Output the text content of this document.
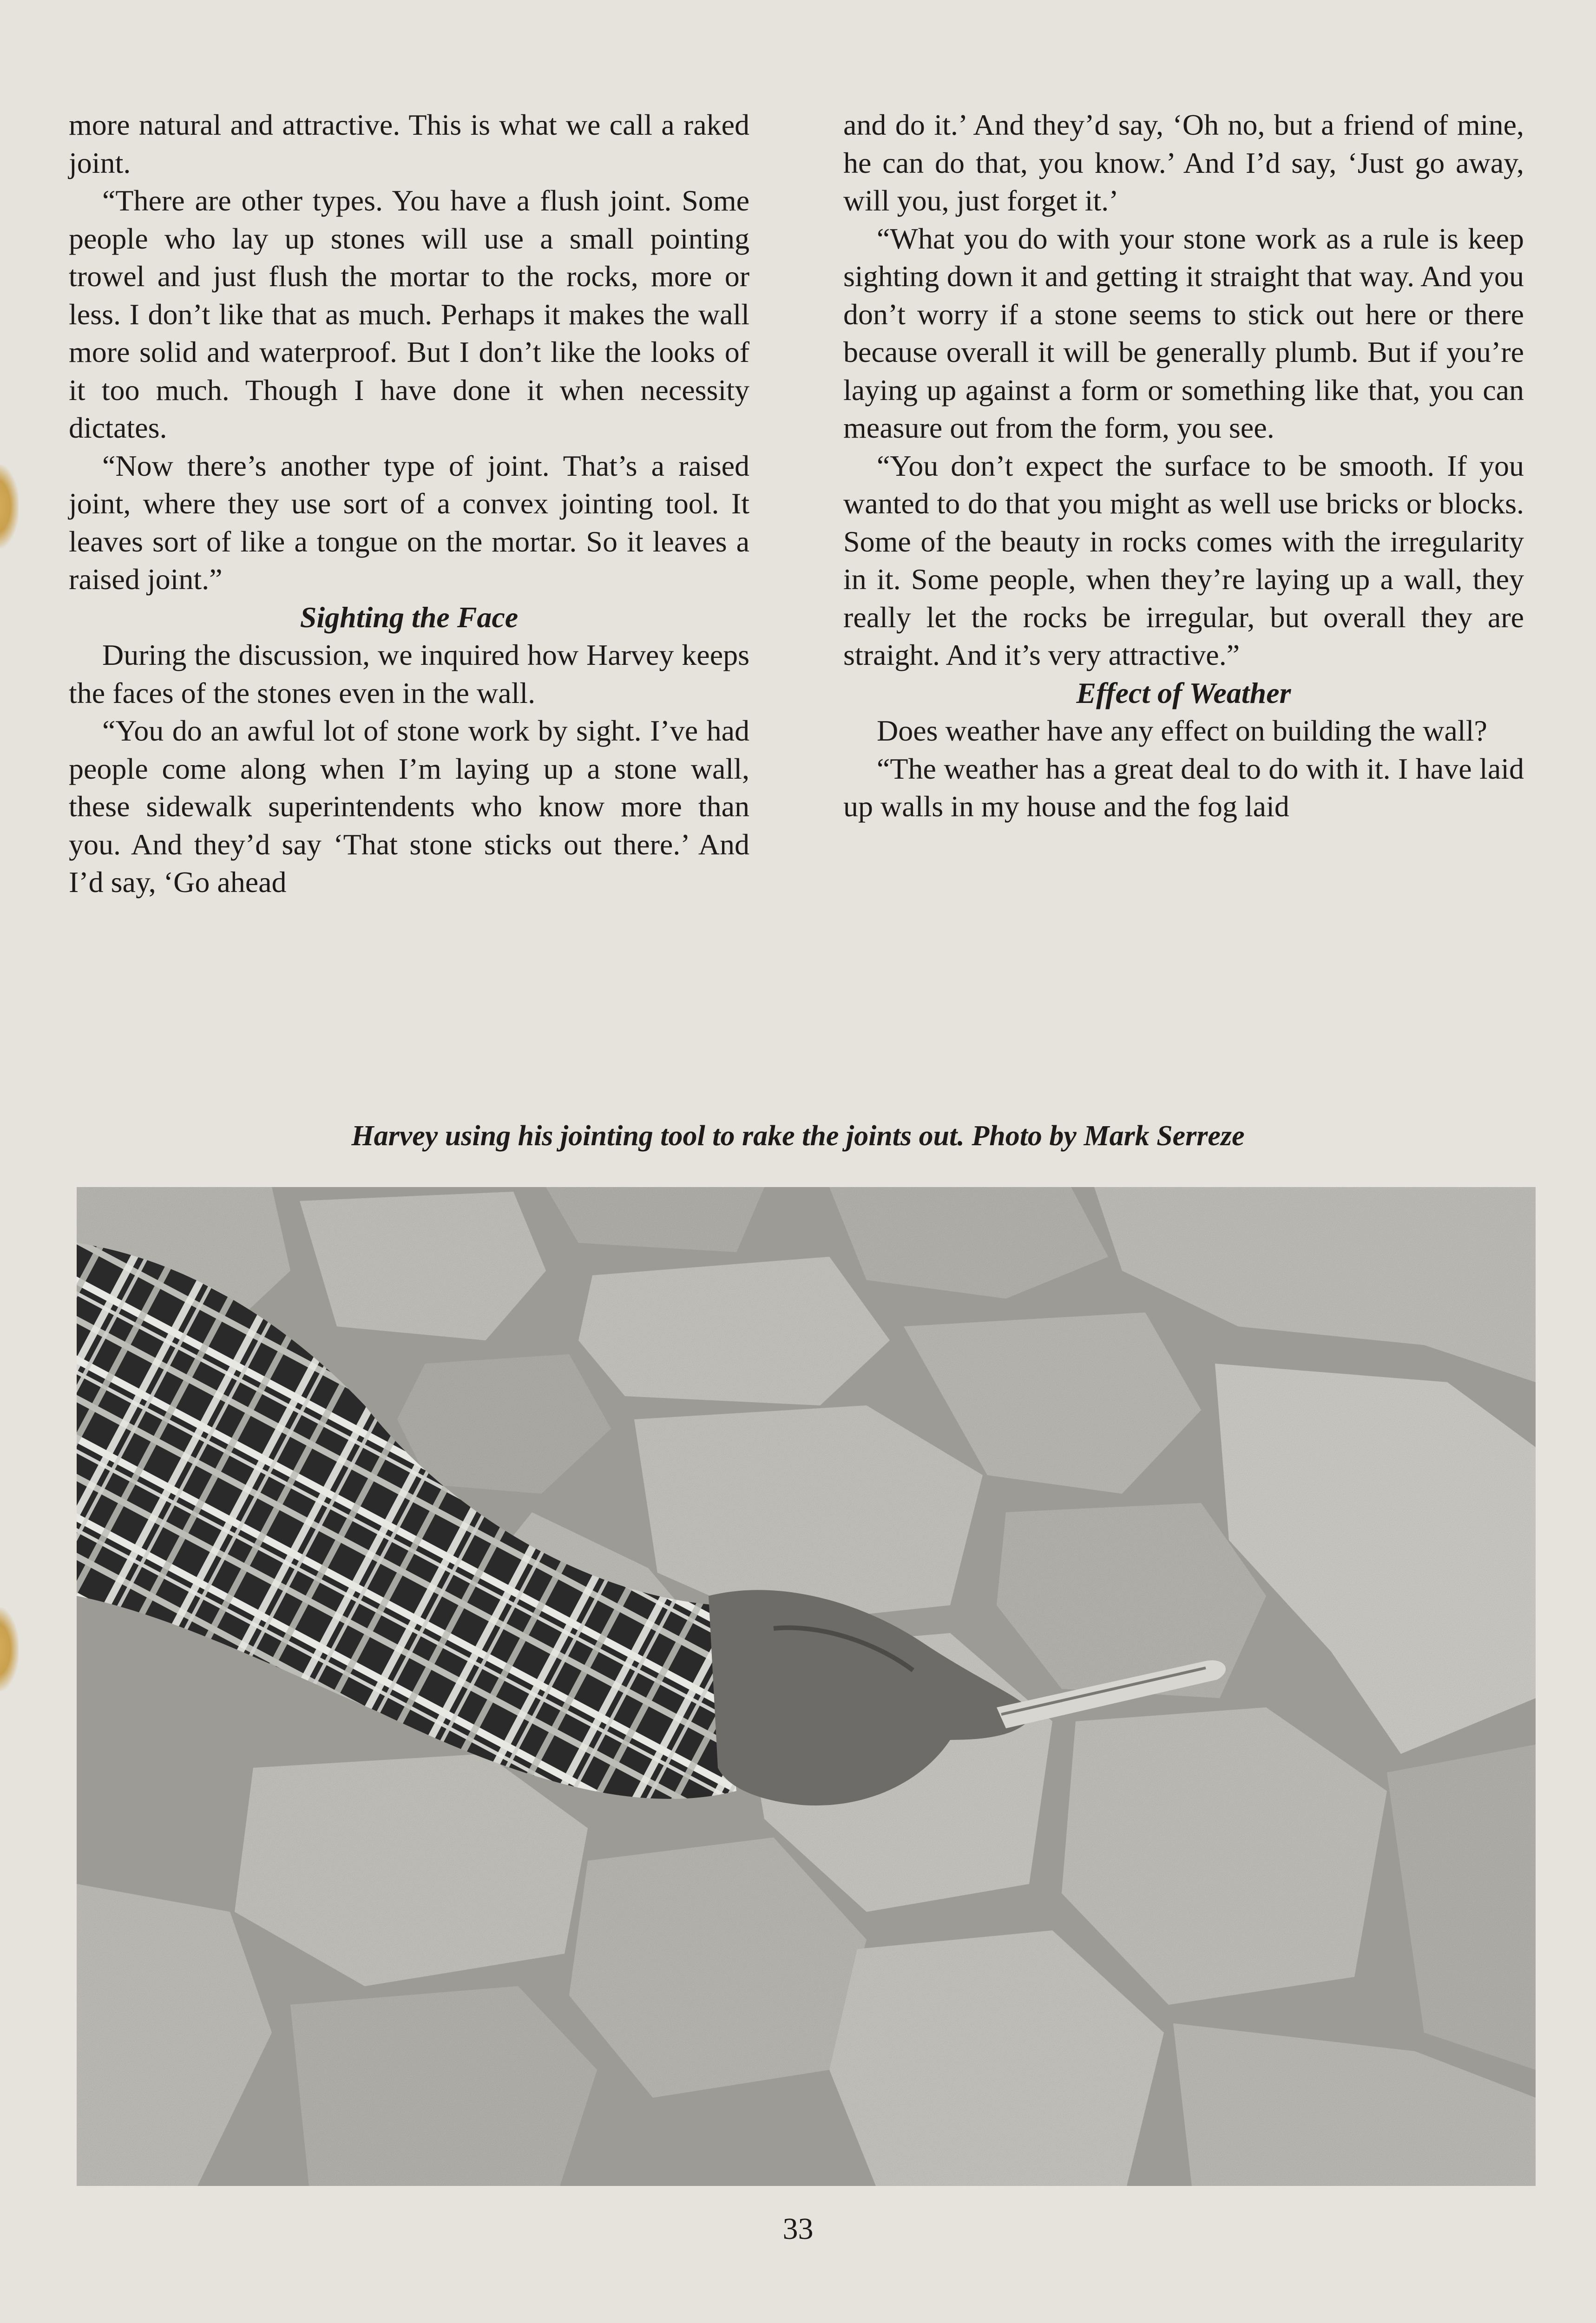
more natural and attractive. This is what we call a raked joint.

“There are other types. You have a flush joint. Some people who lay up stones will use a small pointing trowel and just flush the mortar to the rocks, more or less. I don’t like that as much. Perhaps it makes the wall more solid and waterproof. But I don’t like the looks of it too much. Though I have done it when necessity dictates.

“Now there’s another type of joint. That’s a raised joint, where they use sort of a convex jointing tool. It leaves sort of like a tongue on the mortar. So it leaves a raised joint.”

Sighting the Face

During the discussion, we inquired how Harvey keeps the faces of the stones even in the wall.

“You do an awful lot of stone work by sight. I’ve had people come along when I’m laying up a stone wall, these sidewalk superintendents who know more than you. And they’d say ‘That stone sticks out there.’ And I’d say, ‘Go ahead

and do it.’ And they’d say, ‘Oh no, but a friend of mine, he can do that, you know.’ And I’d say, ‘Just go away, will you, just forget it.’

“What you do with your stone work as a rule is keep sighting down it and getting it straight that way. And you don’t worry if a stone seems to stick out here or there because overall it will be generally plumb. But if you’re laying up against a form or something like that, you can measure out from the form, you see.

“You don’t expect the surface to be smooth. If you wanted to do that you might as well use bricks or blocks. Some of the beauty in rocks comes with the irregularity in it. Some people, when they’re laying up a wall, they really let the rocks be irregular, but overall they are straight. And it’s very attractive.”

Effect of Weather

Does weather have any effect on building the wall?

“The weather has a great deal to do with it. I have laid up walls in my house and the fog laid

Harvey using his jointing tool to rake the joints out. Photo by Mark Serreze
33
